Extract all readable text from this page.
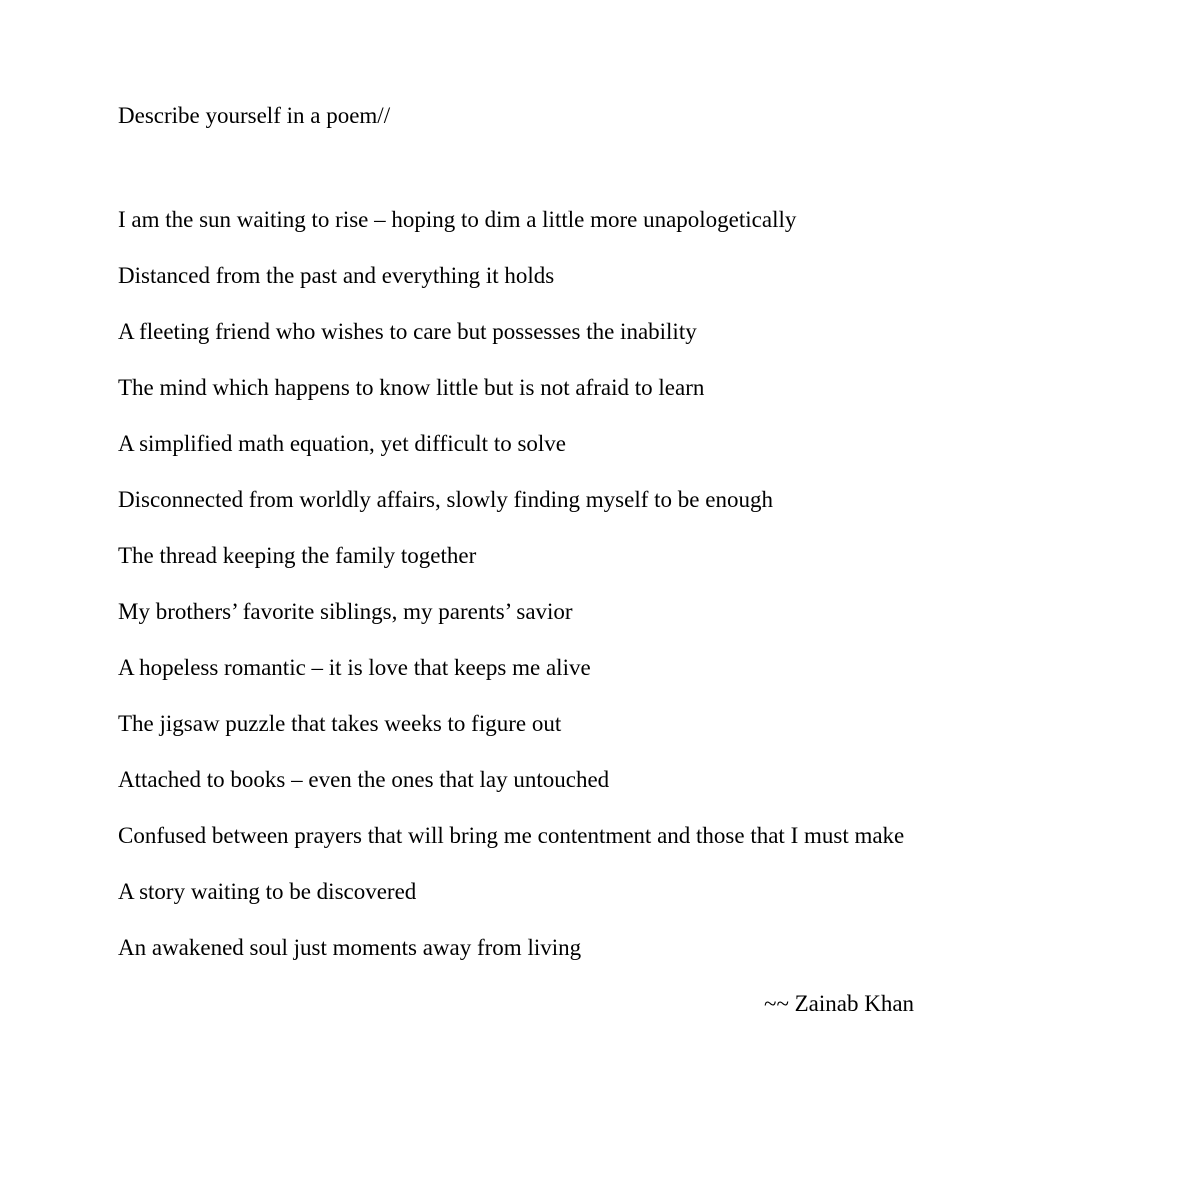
Describe yourself in a poem//
I am the sun waiting to rise – hoping to dim a little more unapologetically
Distanced from the past and everything it holds
A fleeting friend who wishes to care but possesses the inability
The mind which happens to know little but is not afraid to learn
A simplified math equation, yet difficult to solve
Disconnected from worldly affairs, slowly finding myself to be enough
The thread keeping the family together
My brothers’ favorite siblings, my parents’ savior
A hopeless romantic – it is love that keeps me alive
The jigsaw puzzle that takes weeks to figure out
Attached to books – even the ones that lay untouched
Confused between prayers that will bring me contentment and those that I must make
A story waiting to be discovered
An awakened soul just moments away from living
~~ Zainab Khan
